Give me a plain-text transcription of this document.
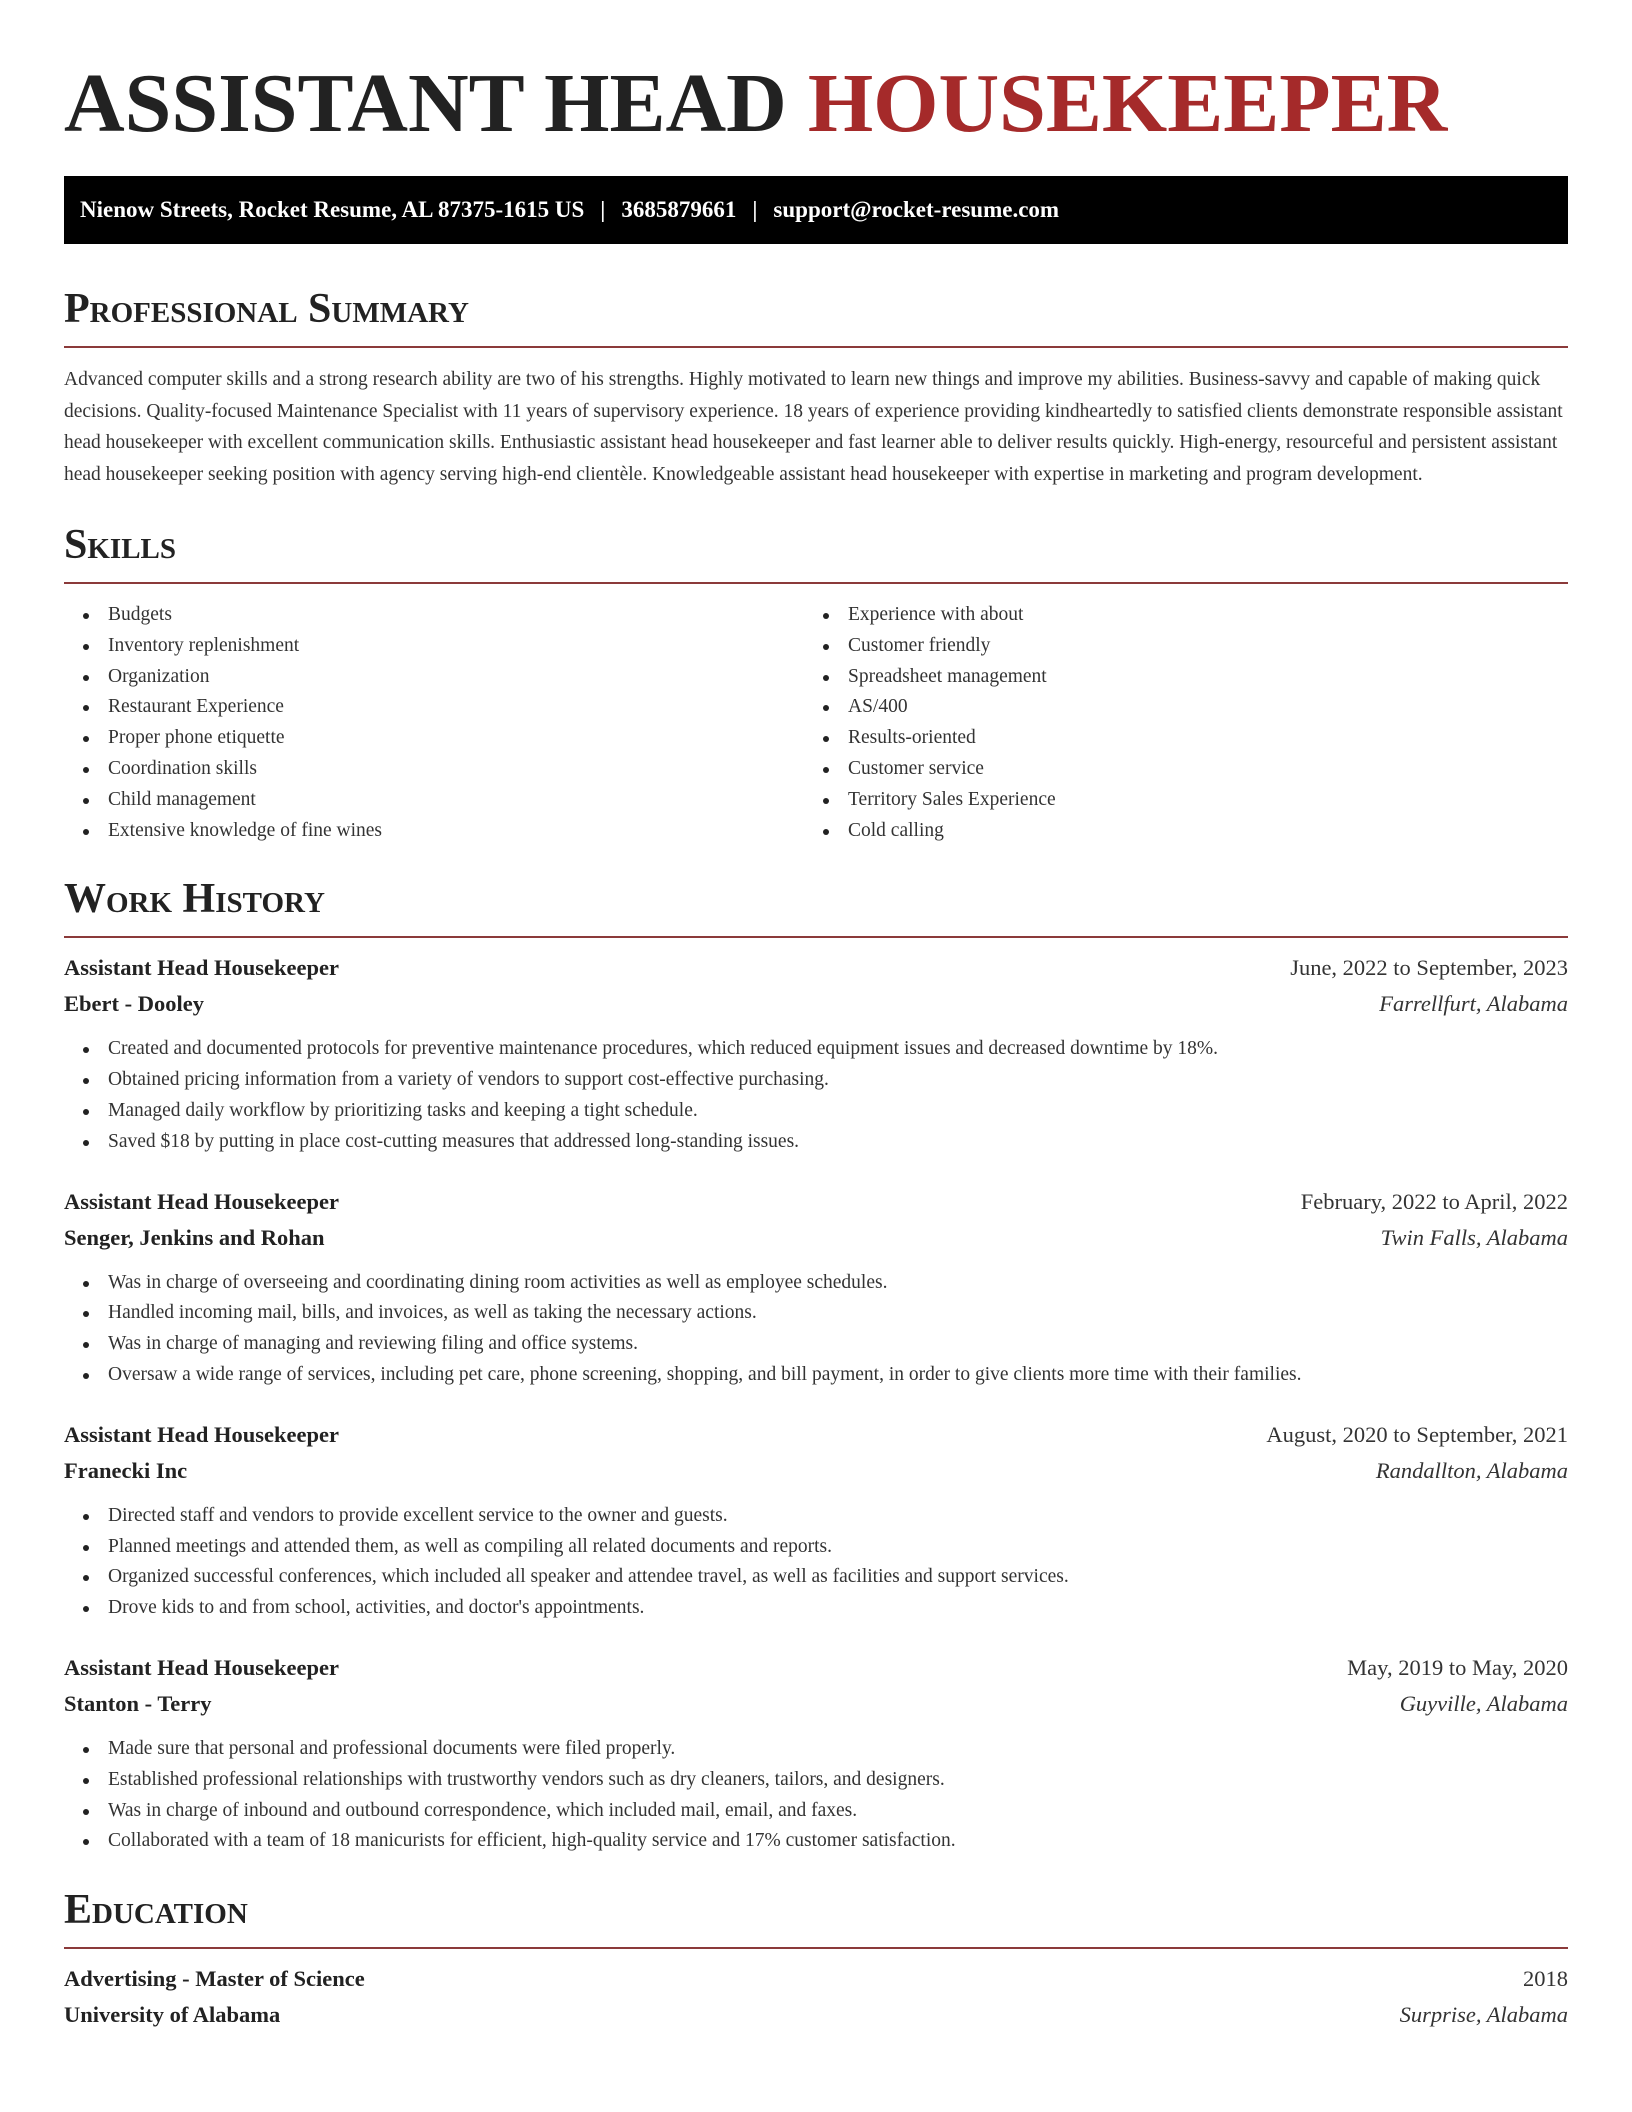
ASSISTANT HEAD HOUSEKEEPER
Nienow Streets, Rocket Resume, AL 87375-1615 US | 3685879661 | support@rocket-resume.com
Professional Summary

Advanced computer skills and a strong research ability are two of his strengths. Highly motivated to learn new things and improve my abilities. Business-savvy and capable of making quick decisions. Quality-focused Maintenance Specialist with 11 years of supervisory experience. 18 years of experience providing kindheartedly to satisfied clients demonstrate responsible assistant head housekeeper with excellent communication skills. Enthusiastic assistant head housekeeper and fast learner able to deliver results quickly. High-energy, resourceful and persistent assistant head housekeeper seeking position with agency serving high-end clientèle. Knowledgeable assistant head housekeeper with expertise in marketing and program development.

Skills
Budgets
Inventory replenishment
Organization
Restaurant Experience
Proper phone etiquette
Coordination skills
Child management
Extensive knowledge of fine wines
Experience with about
Customer friendly
Spreadsheet management
AS/400
Results-oriented
Customer service
Territory Sales Experience
Cold calling
Work History
Assistant Head Housekeeper	June, 2022 to September, 2023
Ebert - Dooley	Farrellfurt, Alabama
Created and documented protocols for preventive maintenance procedures, which reduced equipment issues and decreased downtime by 18%.
Obtained pricing information from a variety of vendors to support cost-effective purchasing.
Managed daily workflow by prioritizing tasks and keeping a tight schedule.
Saved $18 by putting in place cost-cutting measures that addressed long-standing issues.
Assistant Head Housekeeper	February, 2022 to April, 2022
Senger, Jenkins and Rohan	Twin Falls, Alabama
Was in charge of overseeing and coordinating dining room activities as well as employee schedules.
Handled incoming mail, bills, and invoices, as well as taking the necessary actions.
Was in charge of managing and reviewing filing and office systems.
Oversaw a wide range of services, including pet care, phone screening, shopping, and bill payment, in order to give clients more time with their families.
Assistant Head Housekeeper	August, 2020 to September, 2021
Franecki Inc	Randallton, Alabama
Directed staff and vendors to provide excellent service to the owner and guests.
Planned meetings and attended them, as well as compiling all related documents and reports.
Organized successful conferences, which included all speaker and attendee travel, as well as facilities and support services.
Drove kids to and from school, activities, and doctor's appointments.
Assistant Head Housekeeper	May, 2019 to May, 2020
Stanton - Terry	Guyville, Alabama
Made sure that personal and professional documents were filed properly.
Established professional relationships with trustworthy vendors such as dry cleaners, tailors, and designers.
Was in charge of inbound and outbound correspondence, which included mail, email, and faxes.
Collaborated with a team of 18 manicurists for efficient, high-quality service and 17% customer satisfaction.
Education
Advertising - Master of Science	2018
University of Alabama	Surprise, Alabama
